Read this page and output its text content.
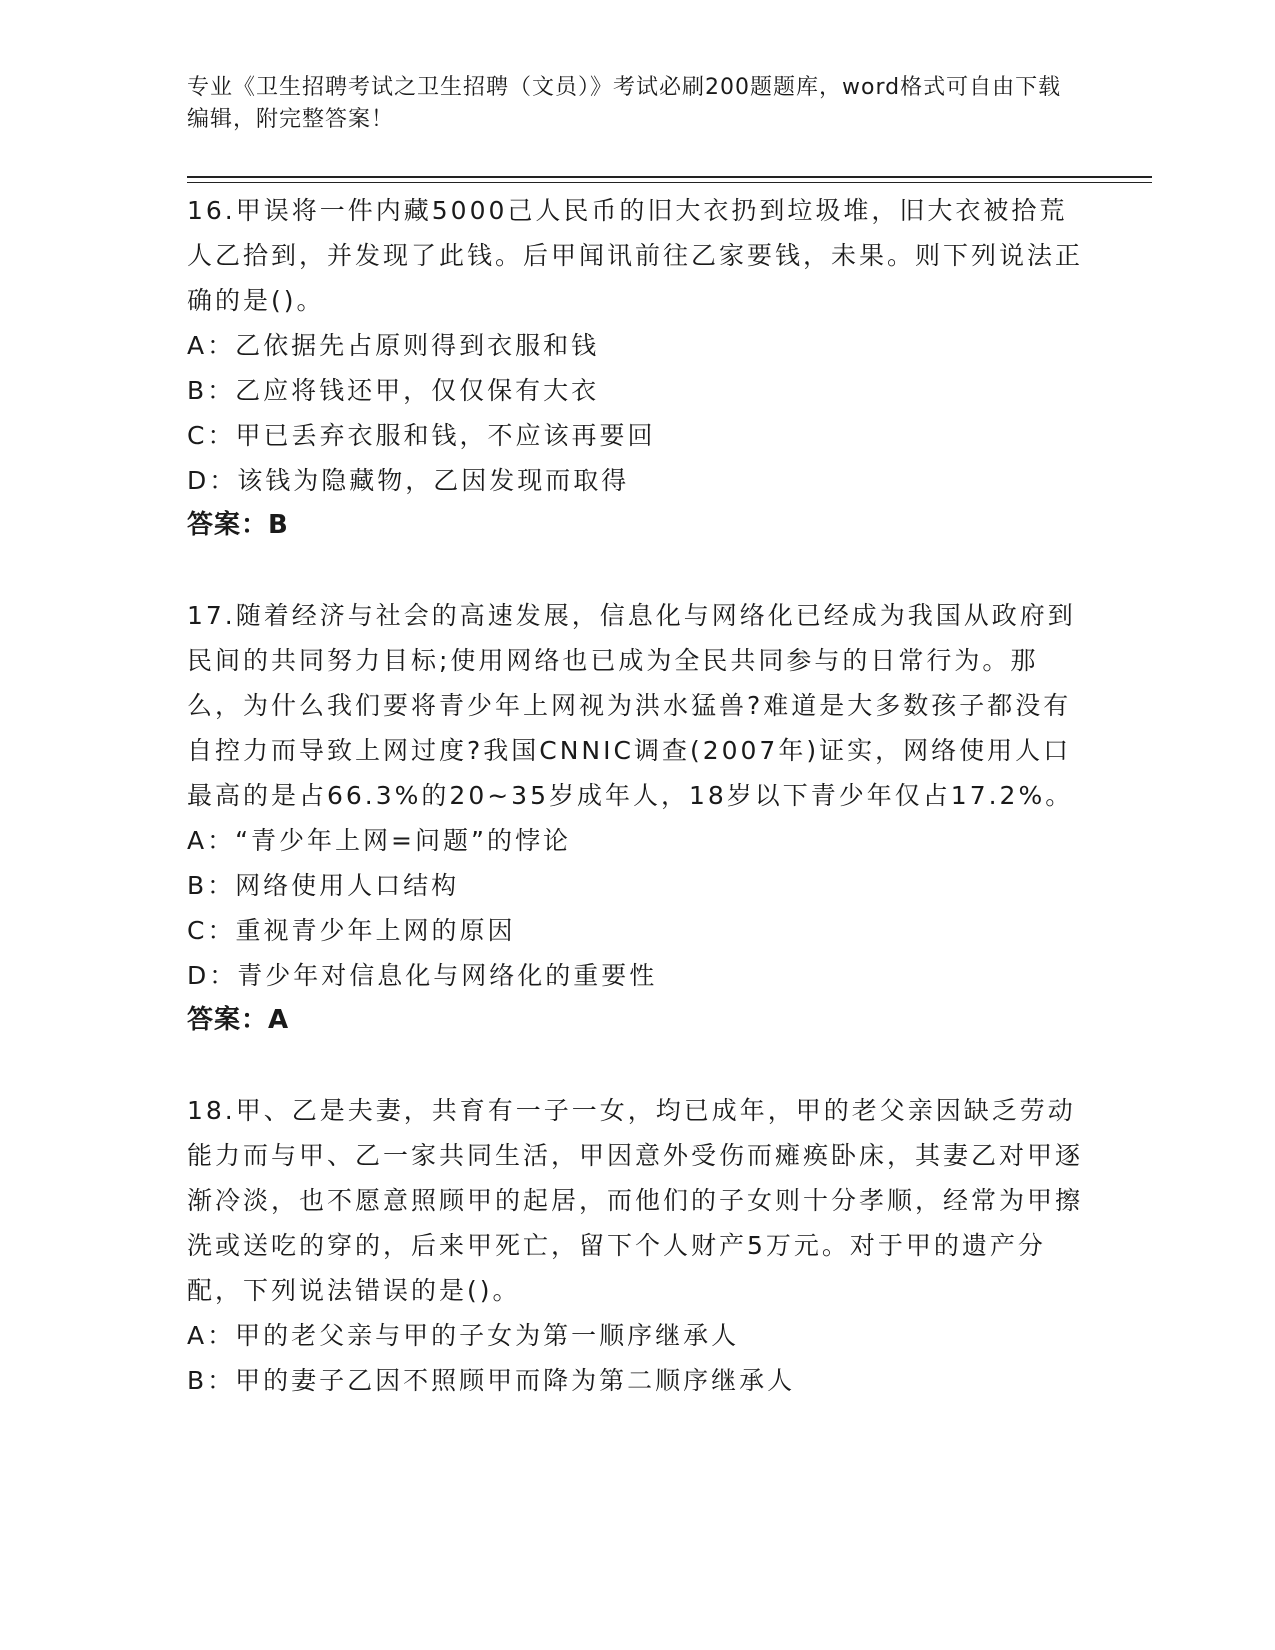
专业《卫生招聘考试之卫生招聘（文员）》考试必刷200题题库，word格式可自由下载编辑，附完整答案！
16.甲误将一件内藏5000己人民币的旧大衣扔到垃圾堆，旧大衣被拾荒人乙拾到，并发现了此钱。后甲闻讯前往乙家要钱，未果。则下列说法正确的是()。
A：乙依据先占原则得到衣服和钱
B：乙应将钱还甲，仅仅保有大衣
C：甲已丢弃衣服和钱，不应该再要回
D：该钱为隐藏物，乙因发现而取得
答案：B
17.随着经济与社会的高速发展，信息化与网络化已经成为我国从政府到民间的共同努力目标;使用网络也已成为全民共同参与的日常行为。那么，为什么我们要将青少年上网视为洪水猛兽?难道是大多数孩子都没有自控力而导致上网过度?我国CNNIC调查(2007年)证实，网络使用人口最高的是占66.3%的20~35岁成年人，18岁以下青少年仅占17.2%。
A：“青少年上网=问题”的悖论
B：网络使用人口结构
C：重视青少年上网的原因
D：青少年对信息化与网络化的重要性
答案：A
18.甲、乙是夫妻，共育有一子一女，均已成年，甲的老父亲因缺乏劳动能力而与甲、乙一家共同生活，甲因意外受伤而瘫痪卧床，其妻乙对甲逐渐冷淡，也不愿意照顾甲的起居，而他们的子女则十分孝顺，经常为甲擦洗或送吃的穿的，后来甲死亡，留下个人财产5万元。对于甲的遗产分配，下列说法错误的是()。
A：甲的老父亲与甲的子女为第一顺序继承人
B：甲的妻子乙因不照顾甲而降为第二顺序继承人
